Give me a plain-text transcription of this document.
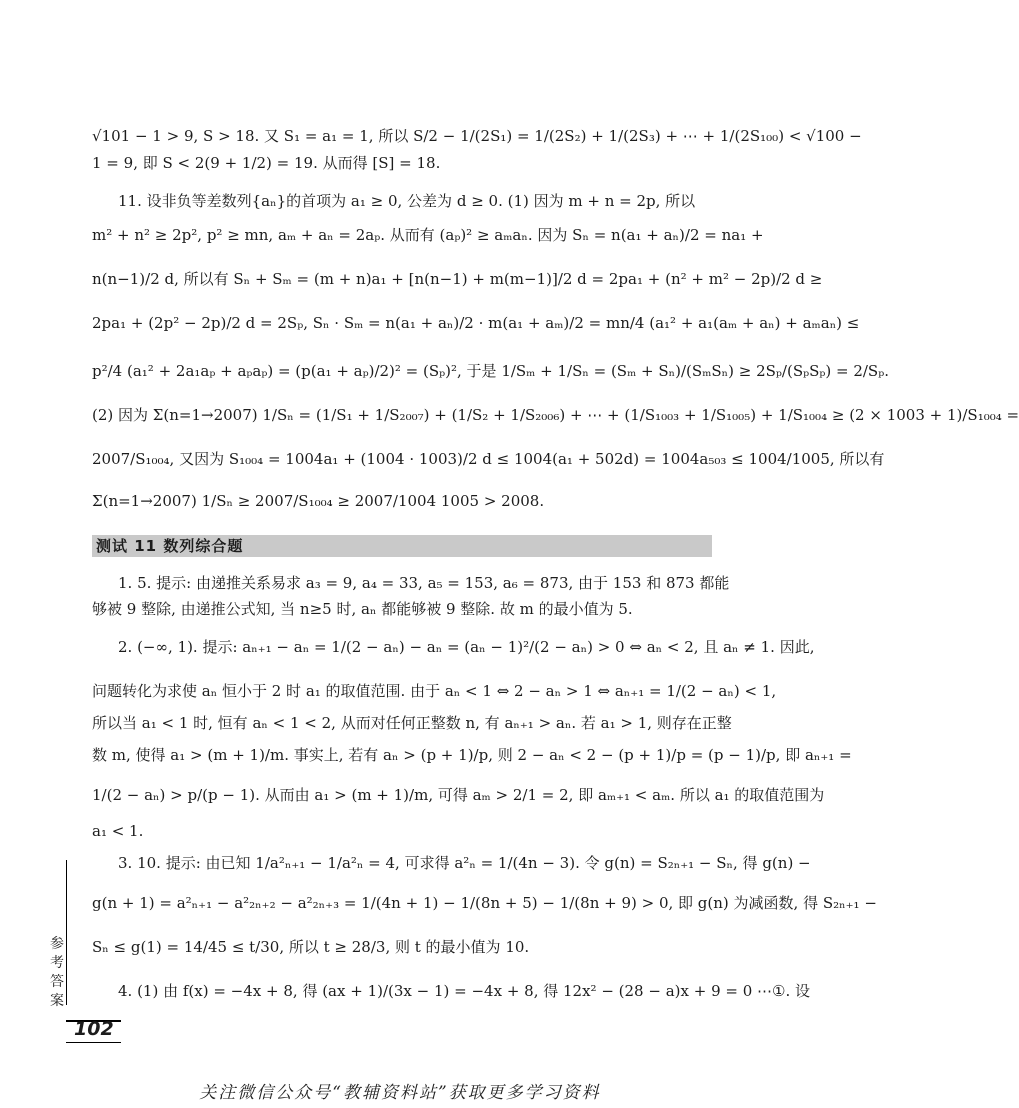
√101 − 1 > 9, S > 18. 又 S₁ = a₁ = 1, 所以 S/2 − 1/(2S₁) = 1/(2S₂) + 1/(2S₃) + ⋯ + 1/(2S₁₀₀) < √100 −
1 = 9, 即 S < 2(9 + 1/2) = 19. 从而得 [S] = 18.
11. 设非负等差数列{aₙ}的首项为 a₁ ≥ 0, 公差为 d ≥ 0. (1) 因为 m + n = 2p, 所以
m² + n² ≥ 2p², p² ≥ mn, aₘ + aₙ = 2aₚ. 从而有 (aₚ)² ≥ aₘaₙ. 因为 Sₙ = n(a₁ + aₙ)/2 = na₁ +
n(n−1)/2 d, 所以有 Sₙ + Sₘ = (m + n)a₁ + [n(n−1) + m(m−1)]/2 d = 2pa₁ + (n² + m² − 2p)/2 d ≥
2pa₁ + (2p² − 2p)/2 d = 2Sₚ, Sₙ · Sₘ = n(a₁ + aₙ)/2 · m(a₁ + aₘ)/2 = mn/4 (a₁² + a₁(aₘ + aₙ) + aₘaₙ) ≤
p²/4 (a₁² + 2a₁aₚ + aₚaₚ) = (p(a₁ + aₚ)/2)² = (Sₚ)², 于是 1/Sₘ + 1/Sₙ = (Sₘ + Sₙ)/(SₘSₙ) ≥ 2Sₚ/(SₚSₚ) = 2/Sₚ.
(2) 因为 Σ(n=1→2007) 1/Sₙ = (1/S₁ + 1/S₂₀₀₇) + (1/S₂ + 1/S₂₀₀₆) + ⋯ + (1/S₁₀₀₃ + 1/S₁₀₀₅) + 1/S₁₀₀₄ ≥ (2 × 1003 + 1)/S₁₀₀₄ =
2007/S₁₀₀₄, 又因为 S₁₀₀₄ = 1004a₁ + (1004 · 1003)/2 d ≤ 1004(a₁ + 502d) = 1004a₅₀₃ ≤ 1004/1005, 所以有
Σ(n=1→2007) 1/Sₙ ≥ 2007/S₁₀₀₄ ≥ 2007/1004 1005 > 2008.
测试 11 数列综合题
1. 5. 提示: 由递推关系易求 a₃ = 9, a₄ = 33, a₅ = 153, a₆ = 873, 由于 153 和 873 都能
够被 9 整除, 由递推公式知, 当 n≥5 时, aₙ 都能够被 9 整除. 故 m 的最小值为 5.
2. (−∞, 1). 提示: aₙ₊₁ − aₙ = 1/(2 − aₙ) − aₙ = (aₙ − 1)²/(2 − aₙ) > 0 ⇔ aₙ < 2, 且 aₙ ≠ 1. 因此,
问题转化为求使 aₙ 恒小于 2 时 a₁ 的取值范围. 由于 aₙ < 1 ⇔ 2 − aₙ > 1 ⇔ aₙ₊₁ = 1/(2 − aₙ) < 1,
所以当 a₁ < 1 时, 恒有 aₙ < 1 < 2, 从而对任何正整数 n, 有 aₙ₊₁ > aₙ. 若 a₁ > 1, 则存在正整
数 m, 使得 a₁ > (m + 1)/m. 事实上, 若有 aₙ > (p + 1)/p, 则 2 − aₙ < 2 − (p + 1)/p = (p − 1)/p, 即 aₙ₊₁ =
1/(2 − aₙ) > p/(p − 1). 从而由 a₁ > (m + 1)/m, 可得 aₘ > 2/1 = 2, 即 aₘ₊₁ < aₘ. 所以 a₁ 的取值范围为
a₁ < 1.
3. 10. 提示: 由已知 1/a²ₙ₊₁ − 1/a²ₙ = 4, 可求得 a²ₙ = 1/(4n − 3). 令 g(n) = S₂ₙ₊₁ − Sₙ, 得 g(n) −
g(n + 1) = a²ₙ₊₁ − a²₂ₙ₊₂ − a²₂ₙ₊₃ = 1/(4n + 1) − 1/(8n + 5) − 1/(8n + 9) > 0, 即 g(n) 为减函数, 得 S₂ₙ₊₁ −
Sₙ ≤ g(1) = 14/45 ≤ t/30, 所以 t ≥ 28/3, 则 t 的最小值为 10.
4. (1) 由 f(x) = −4x + 8, 得 (ax + 1)/(3x − 1) = −4x + 8, 得 12x² − (28 − a)x + 9 = 0 ⋯①. 设
参考答案
102
关注微信公众号“教辅资料站”获取更多学习资料
